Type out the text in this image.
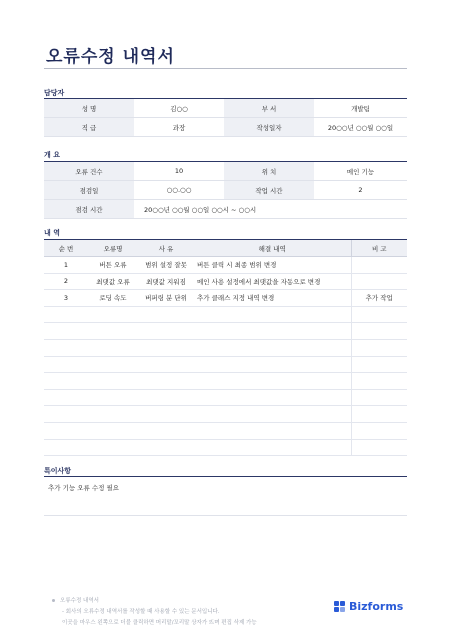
오류수정 내역서
담당자
성 명	김○○	부 서	개발팀
직 급	과장	작성일자	20○○년 ○○월 ○○일
개 요
오류 건수	10	위 치	메인 기능
점검일	○○.○○	작업 시간	2
점검 시간	20○○년 ○○월 ○○일 ○○시 ~ ○○시		
내 역
순 번	오류명	사 유	해결 내역	비 고
1	버튼 오류	범위 설정 잘못	버튼 클릭 시 최종 범위 변경	
2	최댓값 오류	최댓값 지워짐	메인 사용 설정에서 최댓값을 자동으로 변경	
3	로딩 속도	버퍼링 분 단위	추가 클래스 지정 내역 변경	추가 작업

특이사항
추가 기능 오류 수정 필요
오류수정 내역서
- 회사의 오류수정 내역서를 작성할 때 사용할 수 있는 문서입니다.
이곳을 마우스 왼쪽으로 더블 클릭하면 머리말/꼬리말 상자가 뜨며 편집 삭제 가능
Bizforms
